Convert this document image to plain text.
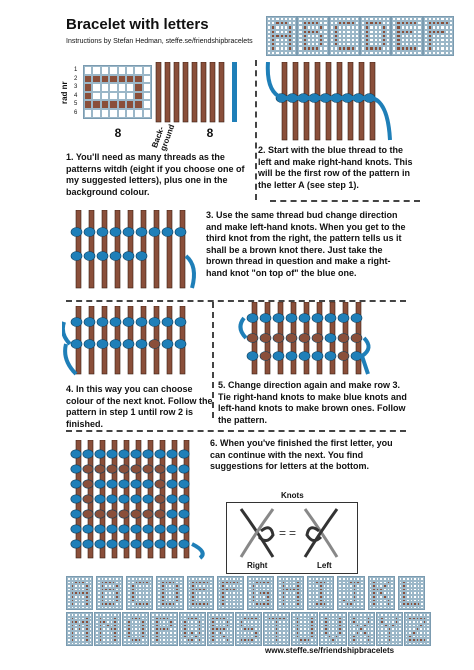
Bracelet with letters
Instructions by Stefan Hedman, steffe.se/friendshipbracelets
rad nr
1
2
3
4
5
6
8	8
Back- ground
1. You'll need as many threads as the patterns witdh (eight if you choose one of my suggested letters), plus one in the background colour.
2. Start with the blue thread to the left and make right-hand knots. This will be the first row of the pattern in the letter A (see step 1).
3. Use the same thread bud change direction and make left-hand knots. When you get to the third knot from the right, the pattern tells us it shall be a brown knot there. Just take the brown thread in question and make a right-hand knot "on top of" the blue one.
4. In this way you can choose colour of the next knot. Follow the pattern in step 1 until row 2 is finished.
5. Change direction again and make row 3. Tie right-hand knots to make blue knots and left-hand knots to make brown ones. Follow the pattern.
6. When you've finished the first letter, you can continue with the next. You find suggestions for letters at the bottom.
Knots
= =
Right	Left
www.steffe.se/friendshipbracelets
